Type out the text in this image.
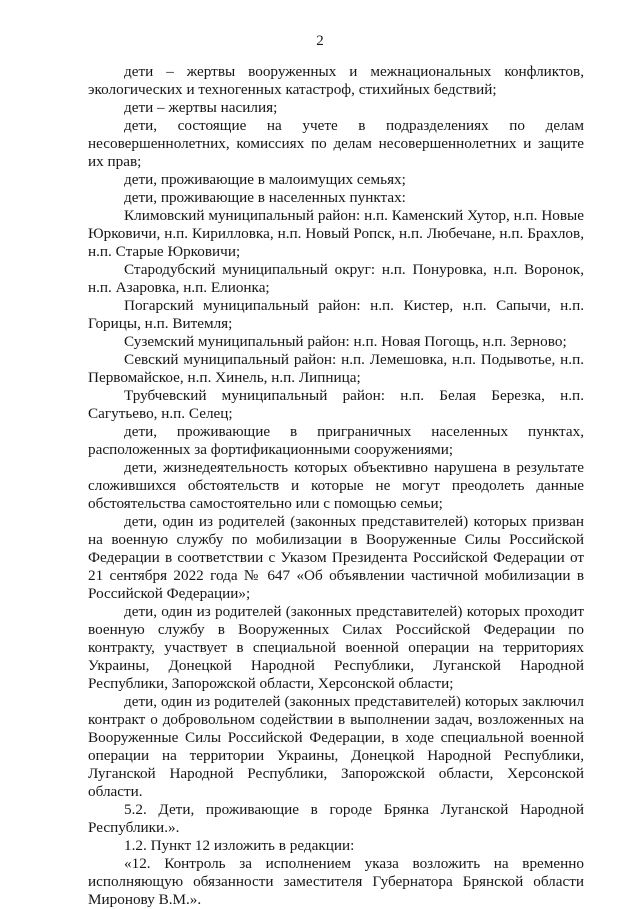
2

дети – жертвы вооруженных и межнациональных конфликтов, экологических и техногенных катастроф, стихийных бедствий;

дети – жертвы насилия;

дети, состоящие на учете в подразделениях по делам несовершеннолетних, комиссиях по делам несовершеннолетних и защите их прав;

дети, проживающие в малоимущих семьях;

дети, проживающие в населенных пунктах:

Климовский муниципальный район: н.п. Каменский Хутор, н.п. Новые Юрковичи, н.п. Кирилловка, н.п. Новый Ропск, н.п. Любечане, н.п. Брахлов, н.п. Старые Юрковичи;

Стародубский муниципальный округ: н.п. Понуровка, н.п. Воронок, н.п. Азаровка, н.п. Елионка;

Погарский муниципальный район: н.п. Кистер, н.п. Сапычи, н.п. Горицы, н.п. Витемля;

Суземский муниципальный район: н.п. Новая Погощь, н.п. Зерново;

Севский муниципальный район: н.п. Лемешовка, н.п. Подывотье, н.п. Первомайское, н.п. Хинель, н.п. Липница;

Трубчевский муниципальный район: н.п. Белая Березка, н.п. Сагутьево, н.п. Селец;

дети, проживающие в приграничных населенных пунктах, расположенных за фортификационными сооружениями;

дети, жизнедеятельность которых объективно нарушена в результате сложившихся обстоятельств и которые не могут преодолеть данные обстоятельства самостоятельно или с помощью семьи;

дети, один из родителей (законных представителей) которых призван на военную службу по мобилизации в Вооруженные Силы Российской Федерации в соответствии с Указом Президента Российской Федерации от 21 сентября 2022 года № 647 «Об объявлении частичной мобилизации в Российской Федерации»;

дети, один из родителей (законных представителей) которых проходит военную службу в Вооруженных Силах Российской Федерации по контракту, участвует в специальной военной операции на территориях Украины, Донецкой Народной Республики, Луганской Народной Республики, Запорожской области, Херсонской области;

дети, один из родителей (законных представителей) которых заключил контракт о добровольном содействии в выполнении задач, возложенных на Вооруженные Силы Российской Федерации, в ходе специальной военной операции на территории Украины, Донецкой Народной Республики, Луганской Народной Республики, Запорожской области, Херсонской области.

5.2. Дети, проживающие в городе Брянка Луганской Народной Республики.».

1.2. Пункт 12 изложить в редакции:

«12. Контроль за исполнением указа возложить на временно исполняющую обязанности заместителя Губернатора Брянской области Миронову В.М.».
